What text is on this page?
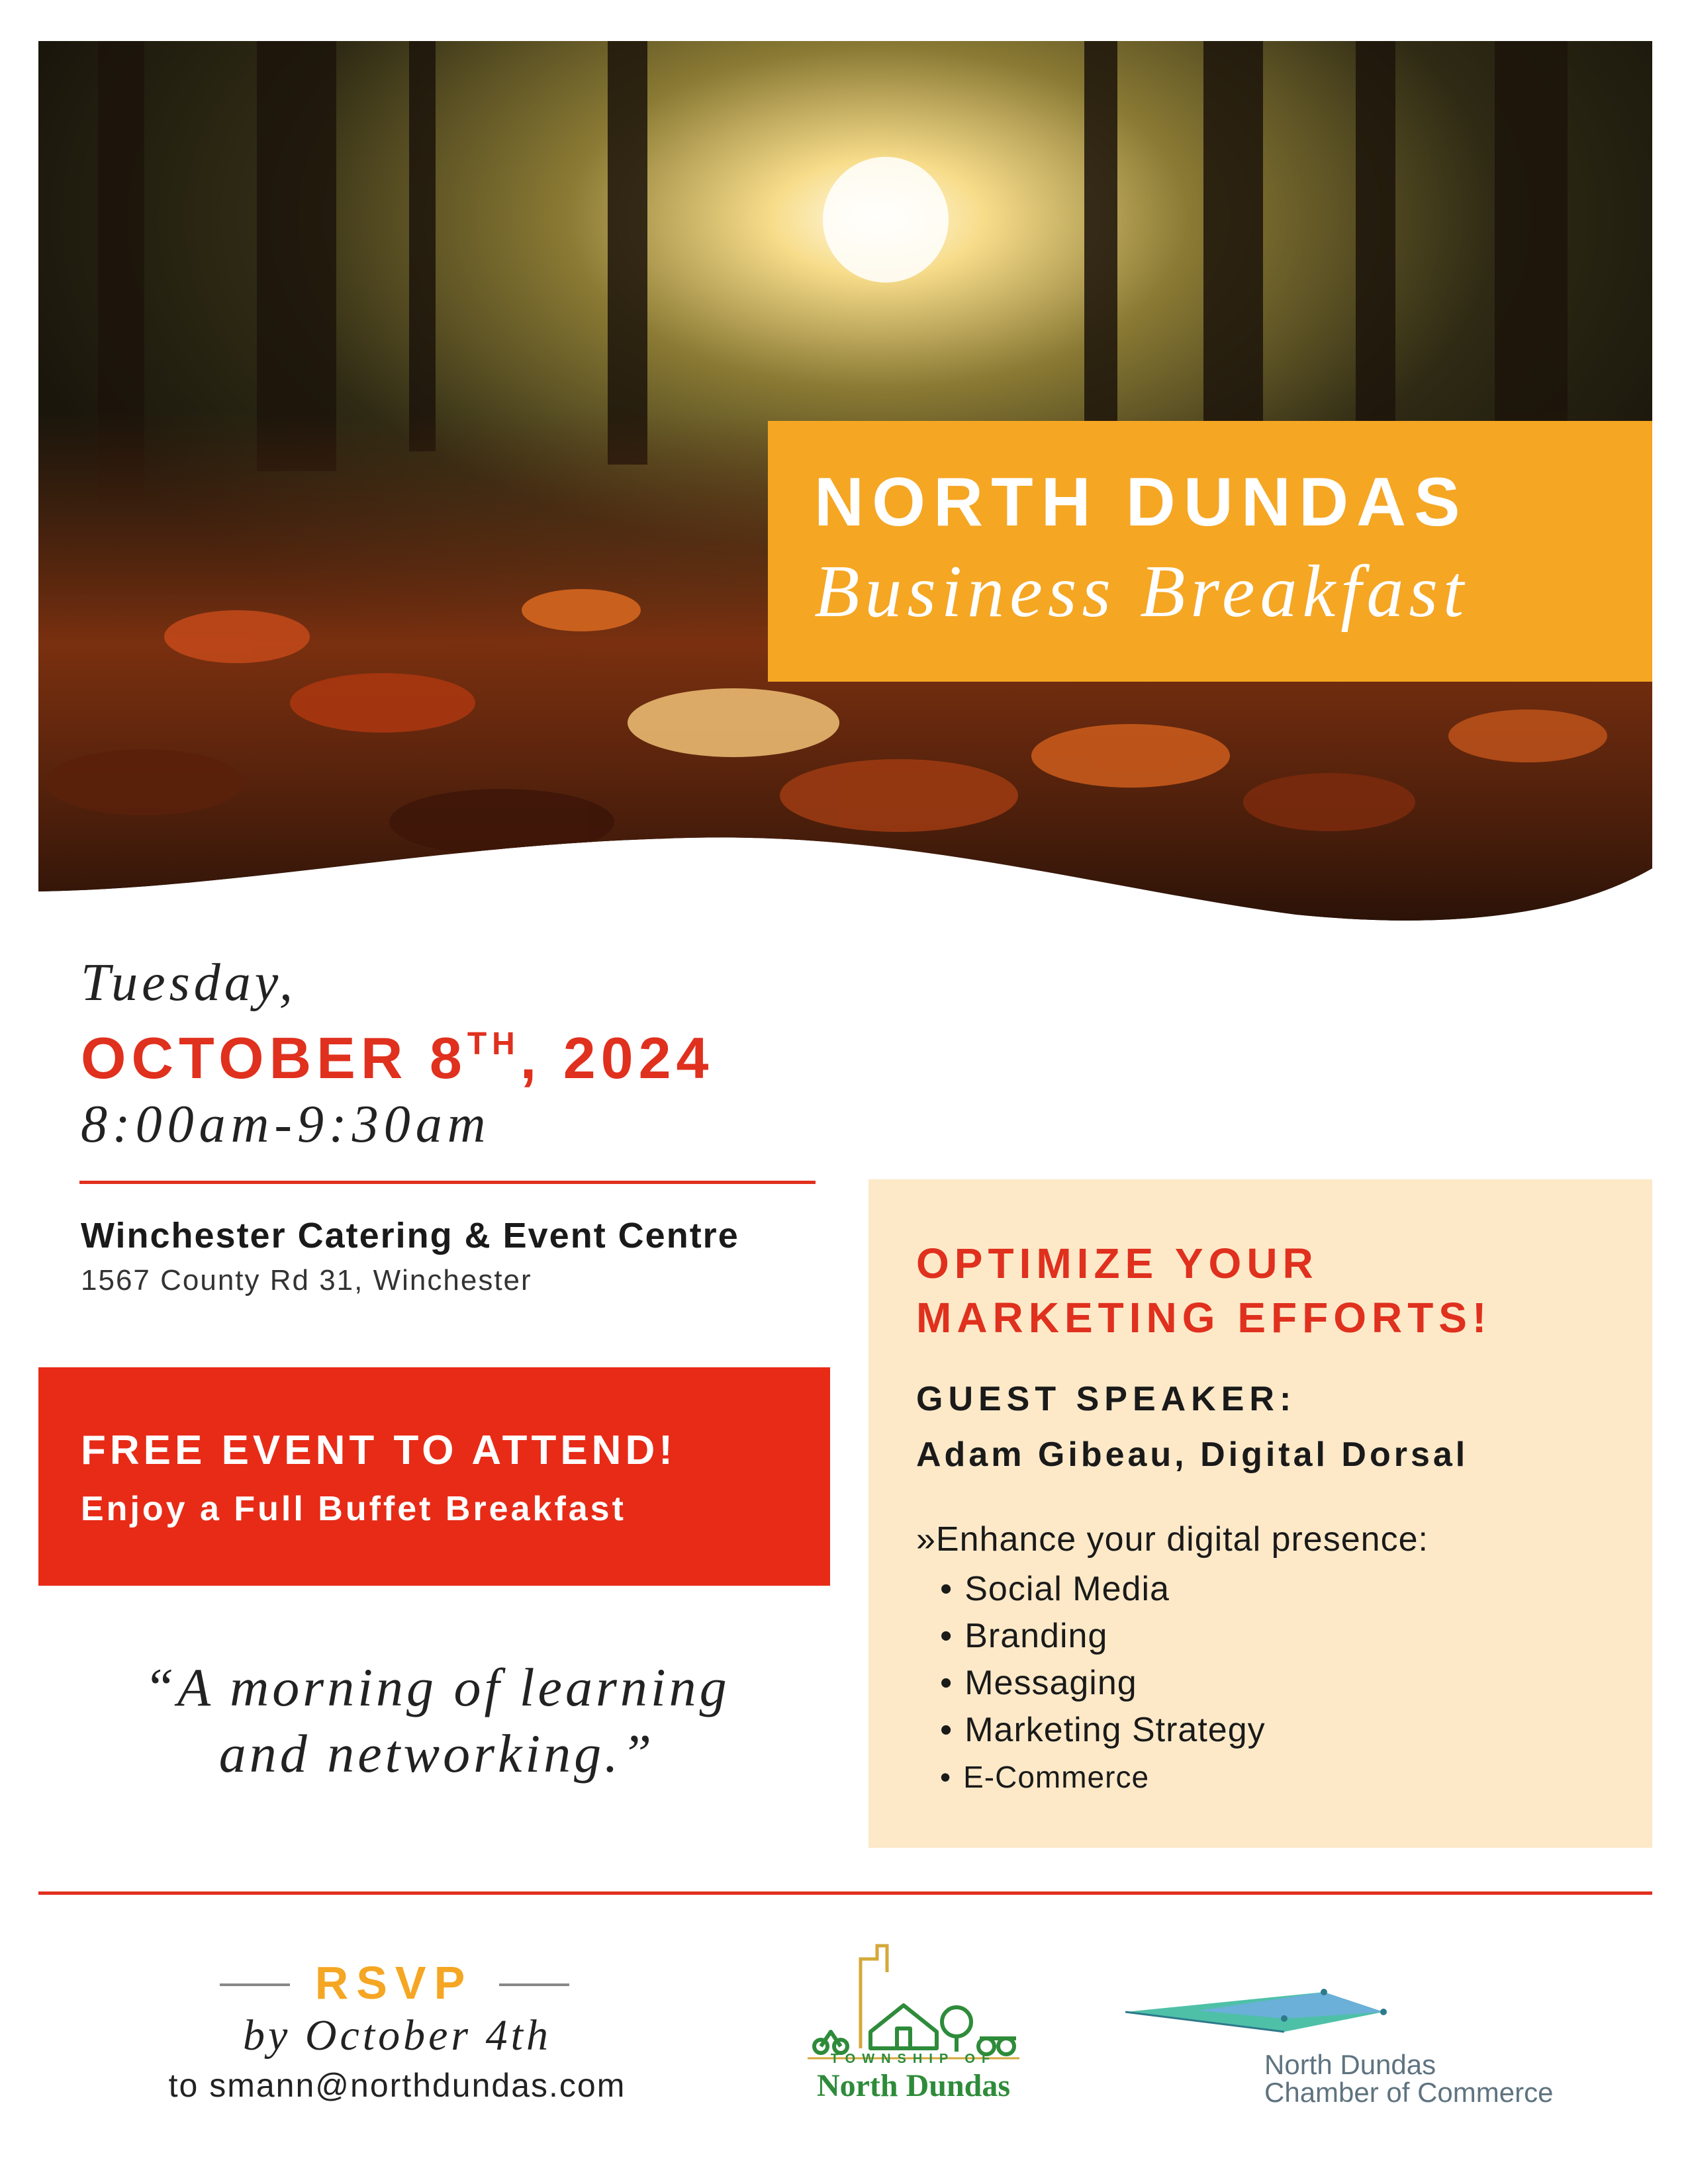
NORTH DUNDAS
Business Breakfast
Tuesday,
OCTOBER 8TH, 2024
8:00am-9:30am
Winchester Catering & Event Centre
1567 County Rd 31, Winchester
FREE EVENT TO ATTEND!
Enjoy a Full Buffet Breakfast
“A morning of learning
and networking.”
OPTIMIZE YOUR
MARKETING EFFORTS!
GUEST SPEAKER:
Adam Gibeau, Digital Dorsal
»Enhance your digital presence:
• Social Media
• Branding
• Messaging
• Marketing Strategy
• E-Commerce
RSVP
by October 4th
to smann@northdundas.com
TOWNSHIP OF
North Dundas
North Dundas
Chamber of Commerce
